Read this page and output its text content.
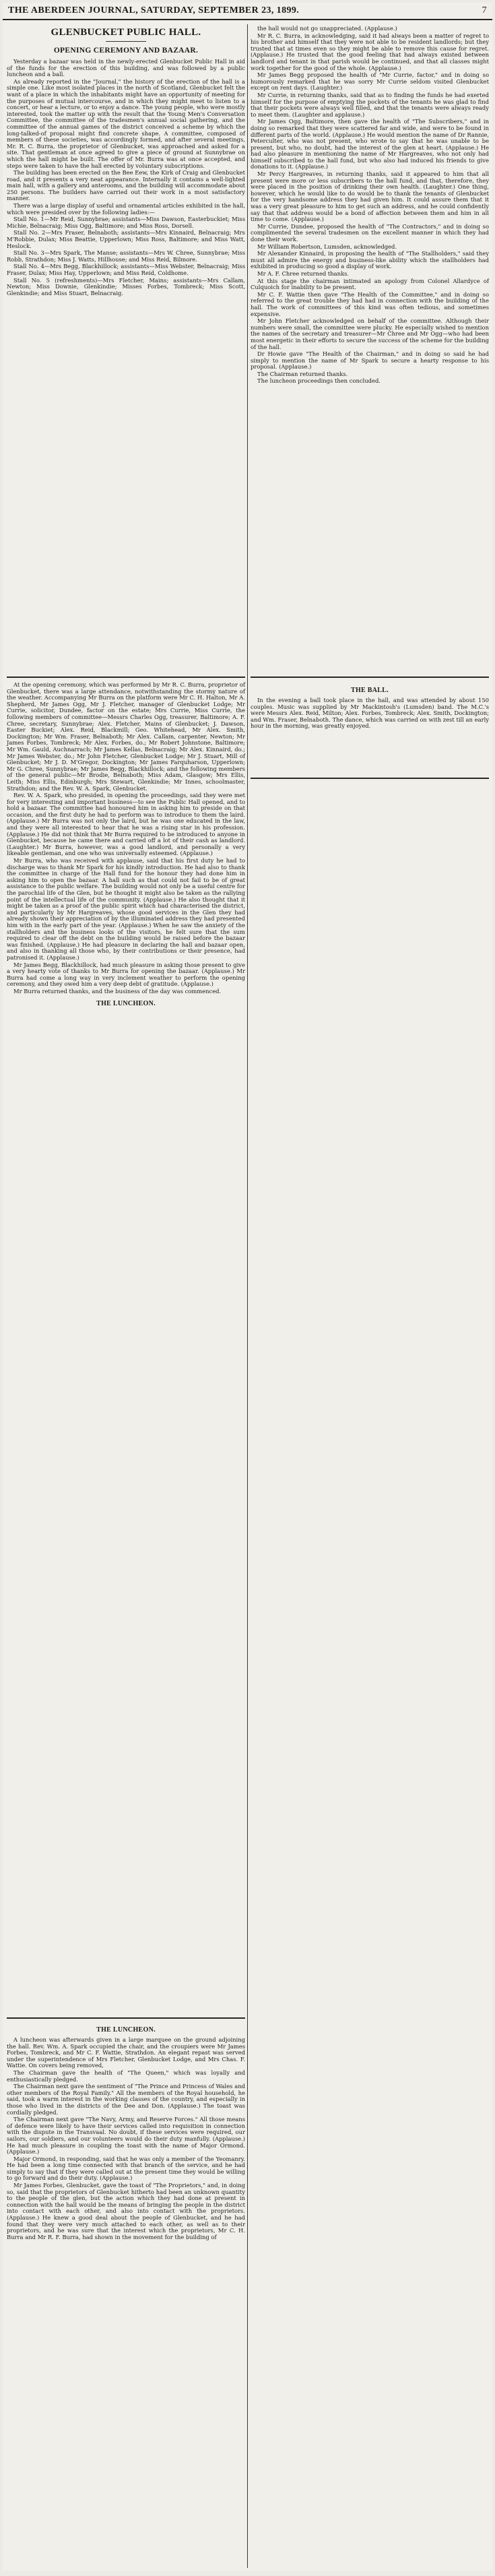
THE ABERDEEN JOURNAL, SATURDAY, SEPTEMBER 23, 1899.	7
GLENBUCKET PUBLIC HALL.
OPENING CEREMONY AND BAZAAR.

Yesterday a bazaar was held in the newly-erected Glenbucket Public Hall in aid of the funds for the erection of this building, and was followed by a public luncheon and a ball.

As already reported in the "Journal," the history of the erection of the hall is a simple one. Like most isolated places in the north of Scotland, Glenbucket felt the want of a place in which the inhabitants might have an opportunity of meeting for the purposes of mutual intercourse, and in which they might meet to listen to a concert, or hear a lecture, or to enjoy a dance. The young people, who were mostly interested, took the matter up with the result that the Young Men's Conversation Committee, the committee of the tradesmen's annual social gathering, and the committee of the annual games of the district conceived a scheme by which the long-talked-of proposal might find concrete shape. A committee, composed of members of these societies, was accordingly formed, and after several meetings, Mr. R. C. Burra, the proprietor of Glenbucket, was approached and asked for a site. That gentleman at once agreed to give a piece of ground at Sunnybrae on which the hall might be built. The offer of Mr. Burra was at once accepted, and steps were taken to have the hall erected by voluntary subscriptions.

The building has been erected on the Bee Eew, the Kirk of Craig and Glenbucket road, and it presents a very neat appearance. Internally it contains a well-lighted main hall, with a gallery and anterooms, and the building will accommodate about 250 persons. The builders have carried out their work in a most satisfactory manner.

There was a large display of useful and ornamental articles exhibited in the hall, which were presided over by the following ladies:—

Stall No. 1—Mr Reid, Sunnybrae; assistants—Miss Dawson, Easterbuckiet; Miss Michie, Belnacraig; Miss Ogg, Baltimore; and Miss Ross, Dorsell.

Stall No. 2—Mrs Fraser, Belnaboth; assistants—Mrs Kinnaird, Belnacraig; Mrs M'Robbie, Dulax; Miss Beattie, Upperlown; Miss Ross, Baltimore; and Miss Watt, Heslock.

Stall No. 3—Mrs Spark, The Manse; assistants—Mrs W. Chree, Sunnybrae; Miss Robb, Strathdon; Miss J. Watts, Hillhouse; and Miss Reid, Bilmore.

Stall No. 4—Mrs Begg, Blackhillock; assistants—Miss Webster, Belnacraig; Miss Fraser, Dulax; Miss Hay, Upperlown; and Miss Reid, Coldhome.

Stall No. 5 (refreshments)—Mrs Fletcher, Mains; assistants—Mrs Callam, Newton; Miss Downie, Glenkindie; Misses Forbes, Tombreck; Miss Scott, Glenkindie; and Miss Stuart, Belnacraig.

At the opening ceremony, which was performed by Mr R. C. Burra, proprietor of Glenbucket, there was a large attendance, notwithstanding the stormy nature of the weather. Accompanying Mr Burra on the platform were Mr C. H. Halton, Mr A. Shepherd, Mr James Ogg, Mr J. Fletcher, manager of Glenbucket Lodge; Mr Currie, solicitor, Dundee, factor on the estate; Mrs Currie, Miss Currie, the following members of committee—Messrs Charles Ogg, treasurer, Baltimore; A. F. Chree, secretary, Sunnybrae; Alex. Fletcher, Mains of Glenbucket; J. Dawson, Easter Buckiet; Alex. Reid, Blackmill; Geo. Whitehead, Mr Alex. Smith, Dockington; Mr Wm. Fraser, Belnaboth; Mr Alex. Callam, carpenter, Newton; Mr James Forbes, Tombreck; Mr Alex. Forbes, do.; Mr Robert Johnstone, Baltimore; Mr Wm. Gauld, Auchnarrach; Mr James Kellas, Belnacraig; Mr Alex. Kinnaird, do.; Mr James Webster, do.; Mr John Fletcher, Glenbucket Lodge; Mr J. Stuart, Mill of Glenbucket; Mr J. D. M'Gregor, Dockington; Mr James Farquharson, Upperlown; Mr G. Chree, Sunnybrae; Mr James Begg, Blackhillock; and the following members of the general public—Mr Brodie, Belnaboth; Miss Adam, Glasgow; Mrs Ellis, Leith; Miss Ellis, Edinburgh; Mrs Stewart, Glenkindie; Mr Innes, schoolmaster, Strathdon; and the Rev. W. A. Spark, Glenbucket.

Rev. W. A. Spark, who presided, in opening the proceedings, said they were met for very interesting and important business—to see the Public Hall opened, and to hold a bazaar. The committee had honoured him in asking him to preside on that occasion, and the first duty he had to perform was to introduce to them the laird. (Applause.) Mr Burra was not only the laird, but he was one educated in the law, and they were all interested to hear that he was a rising star in his profession. (Applause.) He did not think that Mr Burra required to be introduced to anyone in Glenbucket, because he came there and carried off a lot of their cash as landlord. (Laughter.) Mr Burra, however, was a good landlord, and personally a very likeable gentleman, and one who was universally esteemed. (Applause.)

Mr Burra, who was received with applause, said that his first duty he had to discharge was to thank Mr Spark for his kindly introduction. He had also to thank the committee in charge of the Hall fund for the honour they had done him in asking him to open the bazaar. A hall such as that could not fail to be of great assistance to the public welfare. The building would not only be a useful centre for the parochial life of the Glen, but he thought it might also be taken as the rallying point of the intellectual life of the community. (Applause.) He also thought that it might be taken as a proof of the public spirit which had characterised the district, and particularly by Mr Hargreaves, whose good services in the Glen they had already shown their appreciation of by the illuminated address they had presented him with in the early part of the year. (Applause.) When he saw the anxiety of the stallholders and the business looks of the visitors, he felt sure that the sum required to clear off the debt on the building would be raised before the bazaar was finished. (Applause.) He had pleasure in declaring the hall and bazaar open, and also in thanking all those who, by their contributions or their presence, had patronised it. (Applause.)

Mr James Begg, Blackhillock, had much pleasure in asking those present to give a very hearty vote of thanks to Mr Burra for opening the bazaar. (Applause.) Mr Burra had come a long way in very inclement weather to perform the opening ceremony, and they owed him a very deep debt of gratitude. (Applause.)

Mr Burra returned thanks, and the business of the day was commenced.

THE LUNCHEON.
THE LUNCHEON.

A luncheon was afterwards given in a large marquee on the ground adjoining the hall. Rev. Wm. A. Spark occupied the chair, and the croupiers were Mr James Forbes, Tombreck, and Mr C. F. Wattie, Strathdon. An elegant repast was served under the superintendence of Mrs Fletcher, Glenbucket Lodge, and Mrs Chas. F. Wattie. On covers being removed,

The Chairman gave the health of "The Queen," which was loyally and enthusiastically pledged.

The Chairman next gave the sentiment of "The Prince and Princess of Wales and other members of the Royal Family." All the members of the Royal household, he said, took a warm interest in the working classes of the country, and especially in those who lived in the districts of the Dee and Don. (Applause.) The toast was cordially pledged.

The Chairman next gave "The Navy, Army, and Reserve Forces." All those means of defence were likely to have their services called into requisition in connection with the dispute in the Transvaal. No doubt, if these services were required, our sailors, our soldiers, and our volunteers would do their duty manfully. (Applause.) He had much pleasure in coupling the toast with the name of Major Ormond. (Applause.)

Major Ormond, in responding, said that he was only a member of the Yeomanry. He had been a long time connected with that branch of the service, and he had simply to say that if they were called out at the present time they would be willing to go forward and do their duty. (Applause.)

Mr James Forbes, Glenbucket, gave the toast of "The Proprietors," and, in doing so, said that the proprietors of Glenbucket hitherto had been an unknown quantity to the people of the glen, but the action which they had done at present in connection with the hall would be the means of bringing the people in the district into contact with each other, and also into contact with the proprietors. (Applause.) He knew a good deal about the people of Glenbucket, and he had found that they were very much attached to each other, as well as to their proprietors, and he was sure that the interest which the proprietors, Mr C. H. Burra and Mr R. F. Burra, had shown in the movement for the building of

the hall would not go unappreciated. (Applause.)

Mr R. C. Burra, in acknowledging, said it had always been a matter of regret to his brother and himself that they were not able to be resident landlords; but they trusted that at times even so they might be able to remove this cause for regret. (Applause.) He trusted that the good feeling that had always existed between landlord and tenant in that parish would be continued, and that all classes might work together for the good of the whole. (Applause.)

Mr James Begg proposed the health of "Mr Currie, factor," and in doing so humorously remarked that he was sorry Mr Currie seldom visited Glenbucket except on rent days. (Laughter.)

Mr Currie, in returning thanks, said that as to finding the funds he had exerted himself for the purpose of emptying the pockets of the tenants he was glad to find that their pockets were always well filled, and that the tenants were always ready to meet them. (Laughter and applause.)

Mr James Ogg, Baltimore, then gave the health of "The Subscribers," and in doing so remarked that they were scattered far and wide, and were to be found in different parts of the world. (Applause.) He would mention the name of Dr Rannie, Peterculter, who was not present, who wrote to say that he was unable to be present, but who, no doubt, had the interest of the glen at heart. (Applause.) He had also pleasure in mentioning the name of Mr Hargreaves, who not only had himself subscribed to the hall fund, but who also had induced his friends to give donations to it. (Applause.)

Mr Percy Hargreaves, in returning thanks, said it appeared to him that all present were more or less subscribers to the hall fund, and that, therefore, they were placed in the position of drinking their own health. (Laughter.) One thing, however, which he would like to do would be to thank the tenants of Glenbucket for the very handsome address they had given him. It could assure them that it was a very great pleasure to him to get such an address, and he could confidently say that that address would be a bond of affection between them and him in all time to come. (Applause.)

Mr Currie, Dundee, proposed the health of "The Contractors," and in doing so complimented the several tradesmen on the excellent manner in which they had done their work.

Mr William Robertson, Lumsden, acknowledged.

Mr Alexander Kinnaird, in proposing the health of "The Stallholders," said they must all admire the energy and business-like ability which the stallholders had exhibited in producing so good a display of work.

Mr A. F. Chree returned thanks.

At this stage the chairman intimated an apology from Colonel Allardyce of Culquoich for inability to be present.

Mr C. F. Wattie then gave "The Health of the Committee," and in doing so referred to the great trouble they had had in connection with the building of the hall. The work of committees of this kind was often tedious, and sometimes expensive.

Mr John Fletcher acknowledged on behalf of the committee. Although their numbers were small, the committee were plucky. He especially wished to mention the names of the secretary and treasurer—Mr Chree and Mr Ogg—who had been most energetic in their efforts to secure the success of the scheme for the building of the hall.

Dr Howie gave "The Health of the Chairman," and in doing so said he had simply to mention the name of Mr Spark to secure a hearty response to his proposal. (Applause.)

The Chairman returned thanks.

The luncheon proceedings then concluded.

THE BALL.

In the evening a ball took place in the hall, and was attended by about 150 couples. Music was supplied by Mr Mackintosh's (Lumsden) band. The M.C.'s were Messrs Alex. Reid, Milton; Alex. Forbes, Tombreck; Alex. Smith, Dockington; and Wm. Fraser, Belnaboth. The dance, which was carried on with zest till an early hour in the morning, was greatly enjoyed.
